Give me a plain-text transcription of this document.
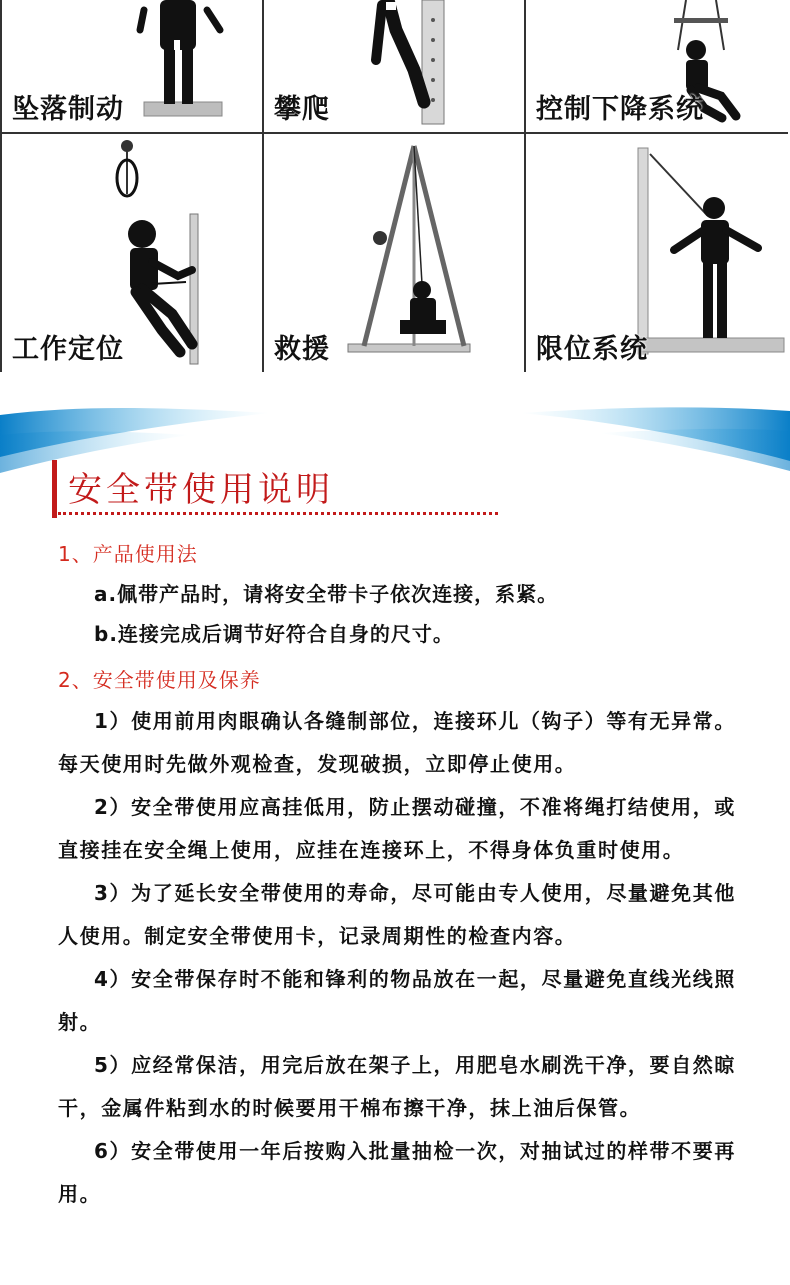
坠落制动	攀爬	控制下降系统
工作定位	救援	限位系统
安全带使用说明
1、产品使用法
a.佩带产品时，请将安全带卡子依次连接，系紧。
b.连接完成后调节好符合自身的尺寸。
2、安全带使用及保养

1）使用前用肉眼确认各缝制部位，连接环儿（钩子）等有无异常。每天使用时先做外观检查，发现破损，立即停止使用。

2）安全带使用应高挂低用，防止摆动碰撞，不准将绳打结使用，或直接挂在安全绳上使用，应挂在连接环上，不得身体负重时使用。

3）为了延长安全带使用的寿命，尽可能由专人使用，尽量避免其他人使用。制定安全带使用卡，记录周期性的检查内容。

4）安全带保存时不能和锋利的物品放在一起，尽量避免直线光线照射。

5）应经常保洁，用完后放在架子上，用肥皂水刷洗干净，要自然晾干，金属件粘到水的时候要用干棉布擦干净，抹上油后保管。

6）安全带使用一年后按购入批量抽检一次，对抽试过的样带不要再用。
